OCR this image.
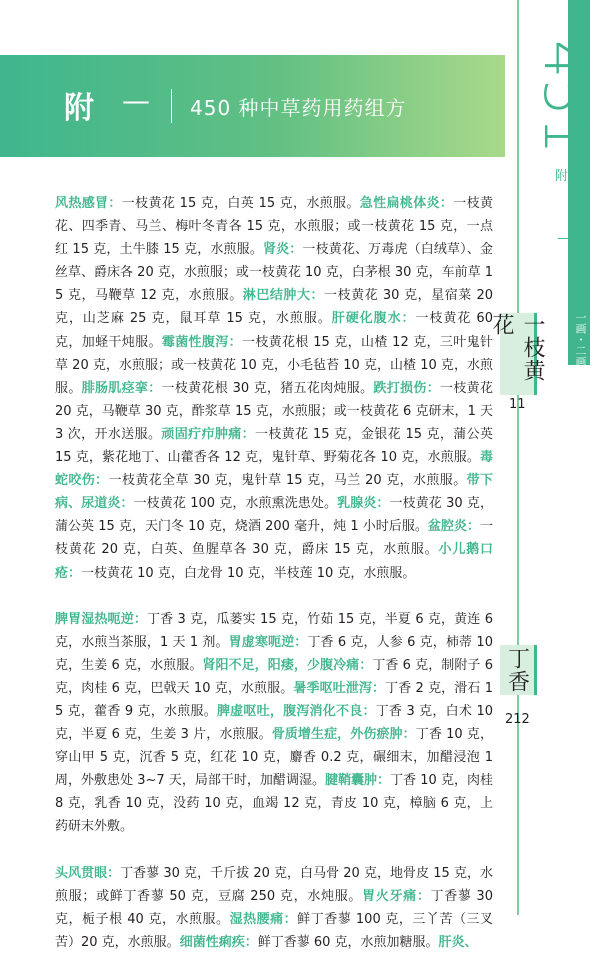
附 — 450 种中草药用药组方 451
附
一画・二画
一枝黄花
11
丁香
212

风热感冒：一枝黄花 15 克，白英 15 克，水煎服。急性扁桃体炎：一枝黄花、四季青、马兰、梅叶冬青各 15 克，水煎服；或一枝黄花 15 克，一点红 15 克，土牛膝 15 克，水煎服。肾炎：一枝黄花、万毒虎（白绒草）、金丝草、爵床各 20 克，水煎服；或一枝黄花 10 克，白茅根 30 克，车前草 15 克，马鞭草 12 克，水煎服。淋巴结肿大：一枝黄花 30 克，星宿菜 20 克，山芝麻 25 克，鼠耳草 15 克，水煎服。肝硬化腹水：一枝黄花 60 克，加蛏干炖服。霉菌性腹泻：一枝黄花根 15 克，山楂 12 克，三叶鬼针草 20 克，水煎服；或一枝黄花 10 克，小毛毡苔 10 克，山楂 10 克，水煎服。腓肠肌痉挛：一枝黄花根 30 克，猪五花肉炖服。跌打损伤：一枝黄花 20 克，马鞭草 30 克，酢浆草 15 克，水煎服；或一枝黄花 6 克研末，1 天 3 次，开水送服。顽固疔疖肿痛：一枝黄花 15 克，金银花 15 克，蒲公英 15 克，紫花地丁、山藿香各 12 克，鬼针草、野菊花各 10 克，水煎服。毒蛇咬伤：一枝黄花全草 30 克，鬼针草 15 克，马兰 20 克，水煎服。带下病、尿道炎：一枝黄花 100 克，水煎熏洗患处。乳腺炎：一枝黄花 30 克，蒲公英 15 克，天门冬 10 克，烧酒 200 毫升，炖 1 小时后服。盆腔炎：一枝黄花 20 克，白英、鱼腥草各 30 克，爵床 15 克，水煎服。小儿鹅口疮：一枝黄花 10 克，白龙骨 10 克，半枝莲 10 克，水煎服。

脾胃湿热呃逆：丁香 3 克，瓜蒌实 15 克，竹茹 15 克，半夏 6 克，黄连 6 克，水煎当茶服，1 天 1 剂。胃虚寒呃逆：丁香 6 克，人参 6 克，柿蒂 10 克，生姜 6 克，水煎服。肾阳不足，阳痿，少腹冷痛：丁香 6 克，制附子 6 克，肉桂 6 克，巴戟天 10 克，水煎服。暑季呕吐泄泻：丁香 2 克，滑石 15 克，藿香 9 克，水煎服。脾虚呕吐，腹泻消化不良：丁香 3 克，白术 10 克，半夏 6 克，生姜 3 片，水煎服。骨质增生症，外伤瘀肿：丁香 10 克，穿山甲 5 克，沉香 5 克，红花 10 克，麝香 0.2 克，碾细末，加醋浸泡 1 周，外敷患处 3~7 天，局部干时，加醋调湿。腱鞘囊肿：丁香 10 克，肉桂 8 克，乳香 10 克，没药 10 克，血竭 12 克，青皮 10 克，樟脑 6 克，上药研末外敷。

头风贯眼：丁香蓼 30 克，千斤拔 20 克，白马骨 20 克，地骨皮 15 克，水煎服；或鲜丁香蓼 50 克，豆腐 250 克，水炖服。胃火牙痛：丁香蓼 30 克，栀子根 40 克，水煎服。湿热腰痛：鲜丁香蓼 100 克，三丫苦（三叉苦）20 克，水煎服。细菌性痢疾：鲜丁香蓼 60 克，水煎加糖服。肝炎、
